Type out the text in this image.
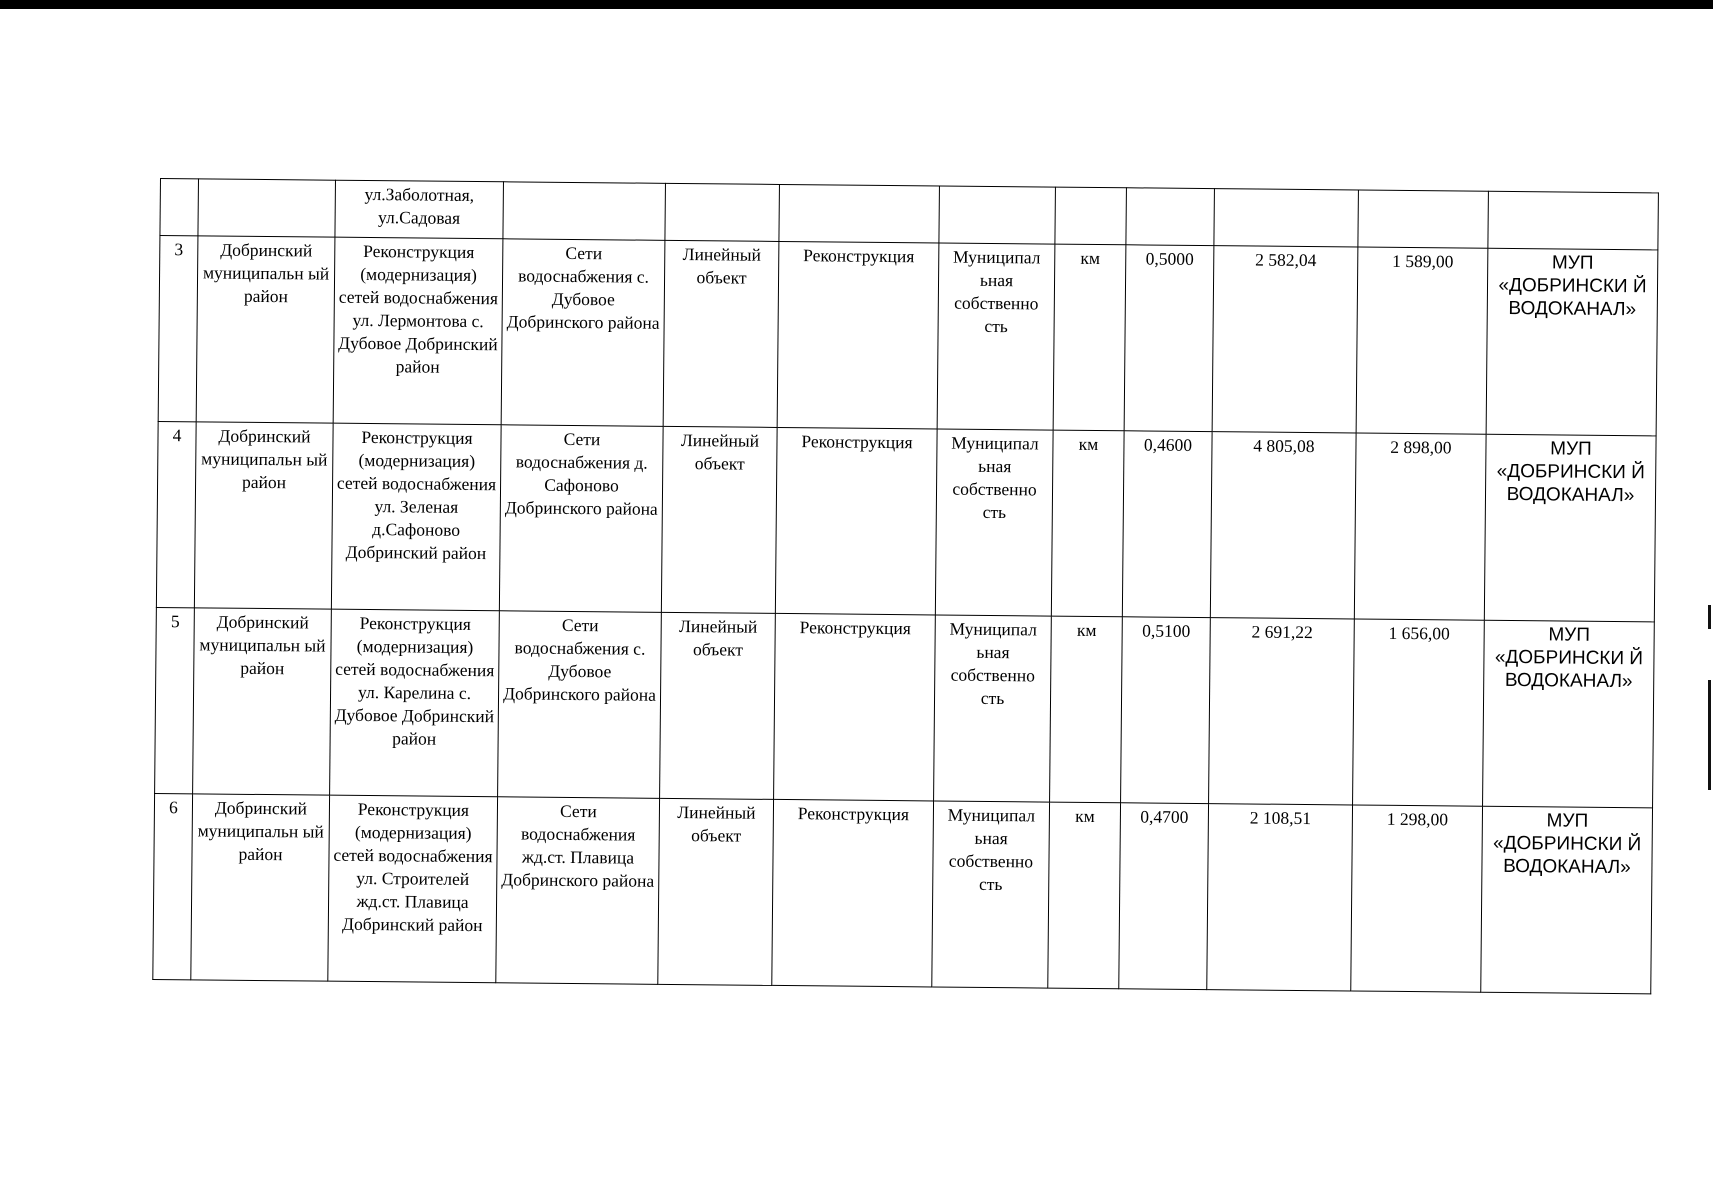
		ул.Заболотная, ул.Садовая									
3	Добринский муниципальн ый район	Реконструкция (модернизация) сетей водоснабжения ул. Лермонтова с. Дубовое Добринский район	Сети водоснабжения с. Дубовое Добринского района	Линейный объект	Реконструкция	Муниципал ьная собственно сть	км	0,5000	2 582,04	1 589,00	МУП «ДОБРИНСКИ Й ВОДОКАНАЛ»
4	Добринский муниципальн ый район	Реконструкция (модернизация) сетей водоснабжения ул. Зеленая д.Сафоново Добринский район	Сети водоснабжения д. Сафоново Добринского района	Линейный объект	Реконструкция	Муниципал ьная собственно сть	км	0,4600	4 805,08	2 898,00	МУП «ДОБРИНСКИ Й ВОДОКАНАЛ»
5	Добринский муниципальн ый район	Реконструкция (модернизация) сетей водоснабжения ул. Карелина с. Дубовое Добринский район	Сети водоснабжения с. Дубовое Добринского района	Линейный объект	Реконструкция	Муниципал ьная собственно сть	км	0,5100	2 691,22	1 656,00	МУП «ДОБРИНСКИ Й ВОДОКАНАЛ»
6	Добринский муниципальн ый район	Реконструкция (модернизация) сетей водоснабжения ул. Строителей жд.ст. Плавица Добринский район	Сети водоснабжения жд.ст. Плавица Добринского района	Линейный объект	Реконструкция	Муниципал ьная собственно сть	км	0,4700	2 108,51	1 298,00	МУП «ДОБРИНСКИ Й ВОДОКАНАЛ»
